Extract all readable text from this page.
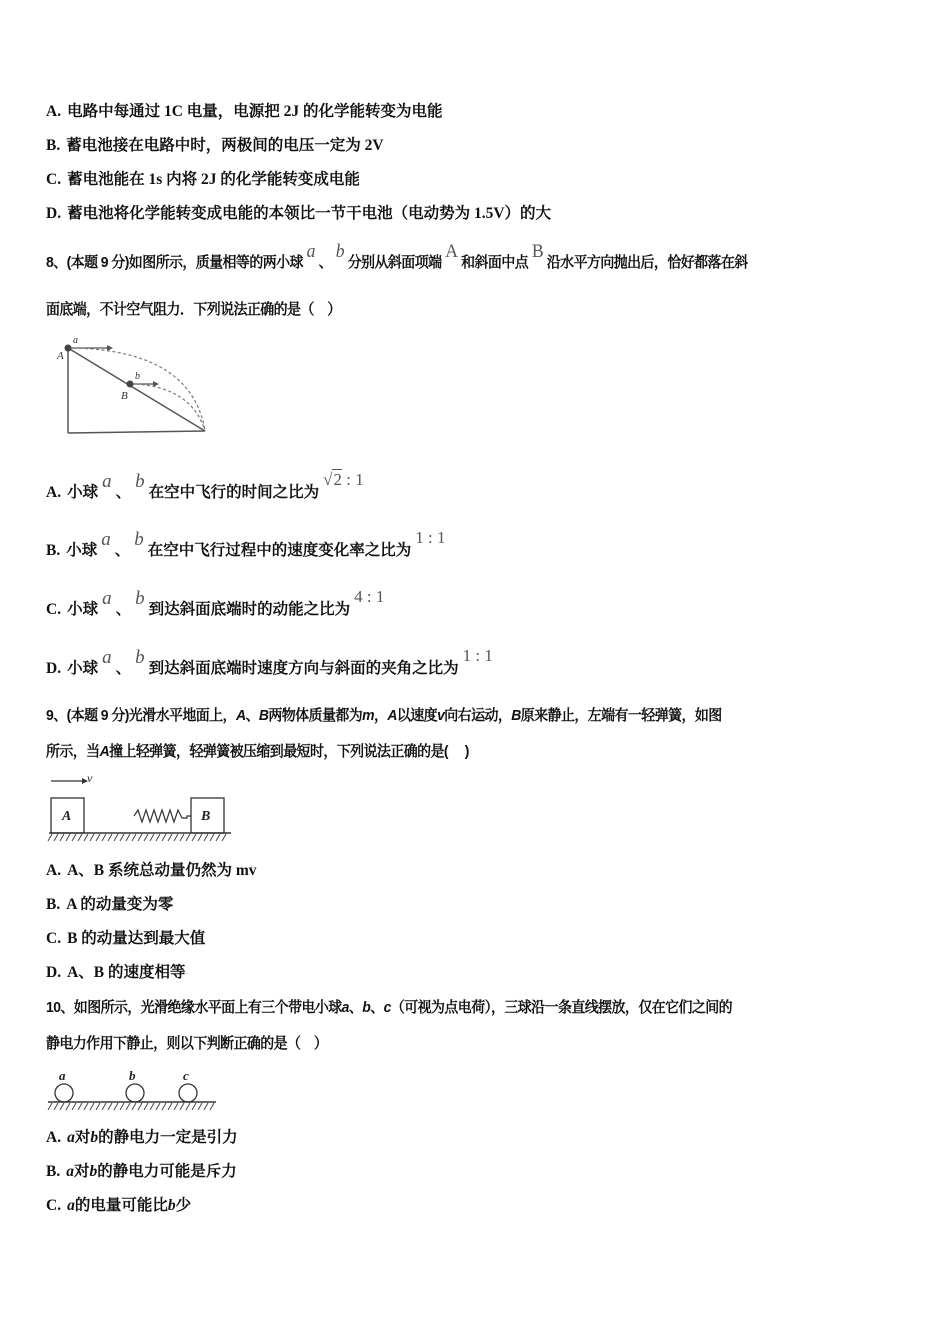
A. 电路中每通过 1C 电量，电源把 2J 的化学能转变为电能
B. 蓄电池接在电路中时，两极间的电压一定为 2V
C. 蓄电池能在 1s 内将 2J 的化学能转变成电能
D. 蓄电池将化学能转变成电能的本领比一节干电池（电动势为 1.5V）的大
8、(本题 9 分)如图所示，质量相等的两小球a、b分别从斜面项端A和斜面中点B沿水平方向抛出后，恰好都落在斜
面底端，不计空气阻力．下列说法正确的是（　）
a
A
b
B
A. 小球a、b在空中飞行的时间之比为√2 : 1
B. 小球a、b在空中飞行过程中的速度变化率之比为1 : 1
C. 小球a、b到达斜面底端时的动能之比为4 : 1
D. 小球a、b到达斜面底端时速度方向与斜面的夹角之比为1 : 1
9、(本题 9 分)光滑水平地面上，A、B两物体质量都为m，A以速度v向右运动，B原来静止，左端有一轻弹簧，如图
所示，当A撞上轻弹簧，轻弹簧被压缩到最短时，下列说法正确的是(　 )
v
A	B
A. A、B 系统总动量仍然为 mv
B. A 的动量变为零
C. B 的动量达到最大值
D. A、B 的速度相等
10、如图所示，光滑绝缘水平面上有三个带电小球a、b、c（可视为点电荷），三球沿一条直线摆放，仅在它们之间的
静电力作用下静止，则以下判断正确的是（　）
a	b	c
A. a对b的静电力一定是引力
B. a对b的静电力可能是斥力
C. a的电量可能比b少
